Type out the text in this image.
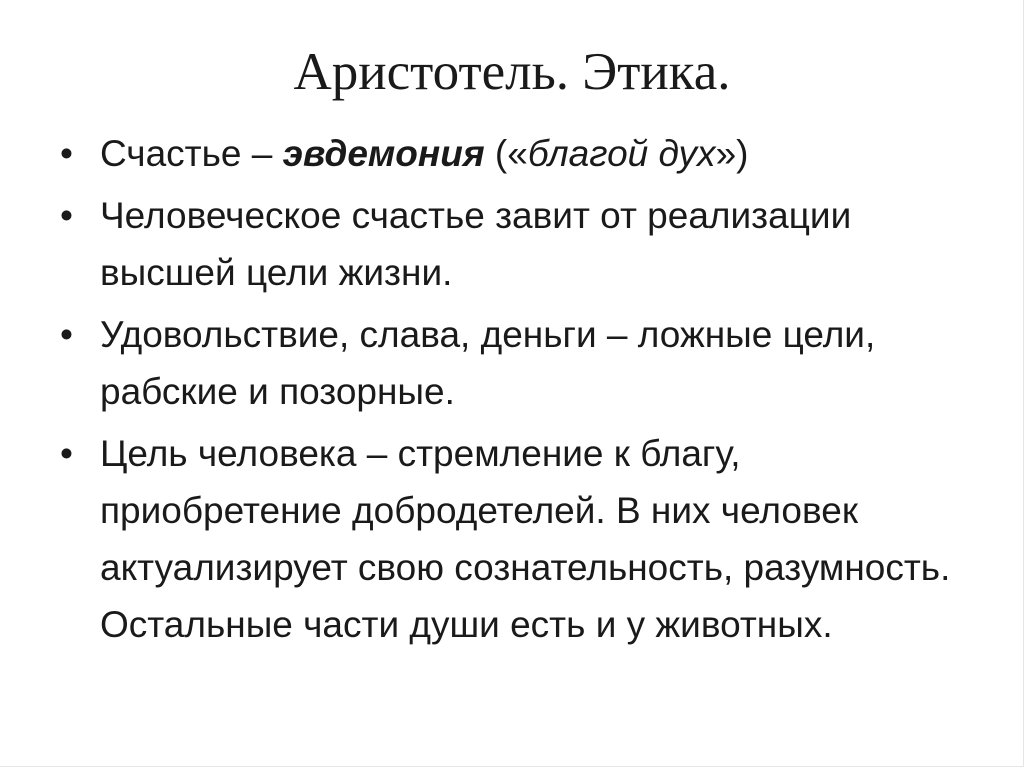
Аристотель. Этика.
• Счастье – эвдемония («благой дух»)
• Человеческое счастье завит от реализации высшей цели жизни.
• Удовольствие, слава, деньги – ложные цели, рабские и позорные.
• Цель человека – стремление к благу, приобретение добродетелей. В них человек актуализирует свою сознательность, разумность. Остальные части души есть и у животных.
